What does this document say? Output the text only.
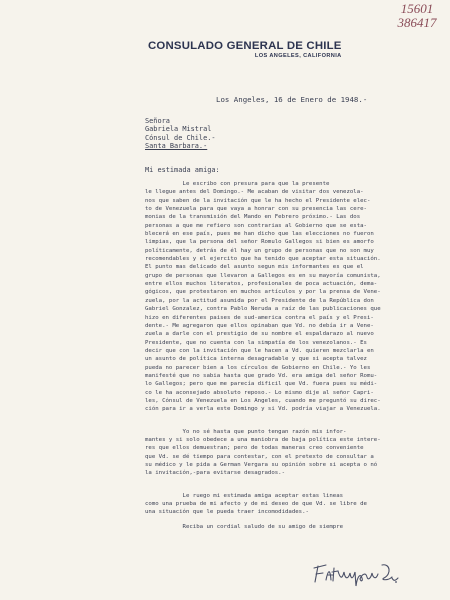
15601
386417
CONSULADO GENERAL DE CHILE
LOS ANGELES, CALIFORNIA
Los Angeles, 16 de Enero de 1948.-
Señora
Gabriela Mistral
Cónsul de Chile.-
Santa Barbara.-
Mi estimada amiga:
Le escribo con presura para que la presente
le llegue antes del Domingo.- Me acaban de visitar dos venezola-
nos que saben de la invitación que le ha hecho el Presidente elec-
to de Venezuela para que vaya a honrar con su presencia las cere-
monias de la transmisión del Mando en Febrero próximo.- Las dos
personas a que me refiero son contrarias al Gobierno que se esta-
blecerá en ese país, pues me han dicho que las elecciones no fueron
limpias, que la persona del señor Romulo Gallegos si bien es amorfo
políticamente, detrás de él hay un grupo de personas que no son muy
recomendables y el ejercito que ha tenido que aceptar esta situación.
El punto mas delicado del asunto segun mis informantes es que el
grupo de personas que llevaron a Gallegos es en su mayoría comunista,
entre ellos muchos literatos, profesionales de poca actuación, dema-
gógicos, que protestaron en muchos artículos y por la prensa de Vene-
zuela, por la actitud asumida por el Presidente de la República don
Gabriel Gonzalez, contra Pablo Neruda a raíz de las publicaciones que
hizo en diferentes paises de sud-america contra el país y el Presi-
dente.- Me agregaron que ellos opinaban que Vd. no debía ir a Vene-
zuela a darle con el prestigio de su nombre el espaldarazo al nuevo
Presidente, que no cuenta con la simpatía de los venezolanos.- Es
decir que con la invitación que le hacen a Vd. quieren mezclarla en
un asunto de política interna desagradable y que si acepta talvez
pueda no parecer bien a los círculos de Gobierno en Chile.- Yo les
manifesté que no sabia hasta que grado Vd. era amiga del señor Romu-
lo Gallegos; pero que me parecía dificil que Vd. fuera pues su médi-
co le ha aconsejado absoluto reposo.- Lo mismo dije al señor Capri-
les, Cónsul de Venezuela en Los Angeles, cuando me preguntó su direc-
ción para ir a verla este Domingo y si Vd. podría viajar a Venezuela.
Yo no sé hasta que punto tengan razón mis infor-
mantes y si solo obedece a una maniobra de baja política este intere-
res que ellos demuestran; pero de todas maneras creo conveniente
que Vd. se dé tiempo para contestar, con el pretexto de consultar a
su médico y le pida a German Vergara su opinión sobre si acepta o nó
la invitación,-para evitarse desagrados.-
Le ruego mi estimada amiga aceptar estas lineas
como una prueba de mi afecto y de mi deseo de que Vd. se libre de
una situación que le pueda traer incomodidades.-
Reciba un cordial saludo de su amigo de siempre
